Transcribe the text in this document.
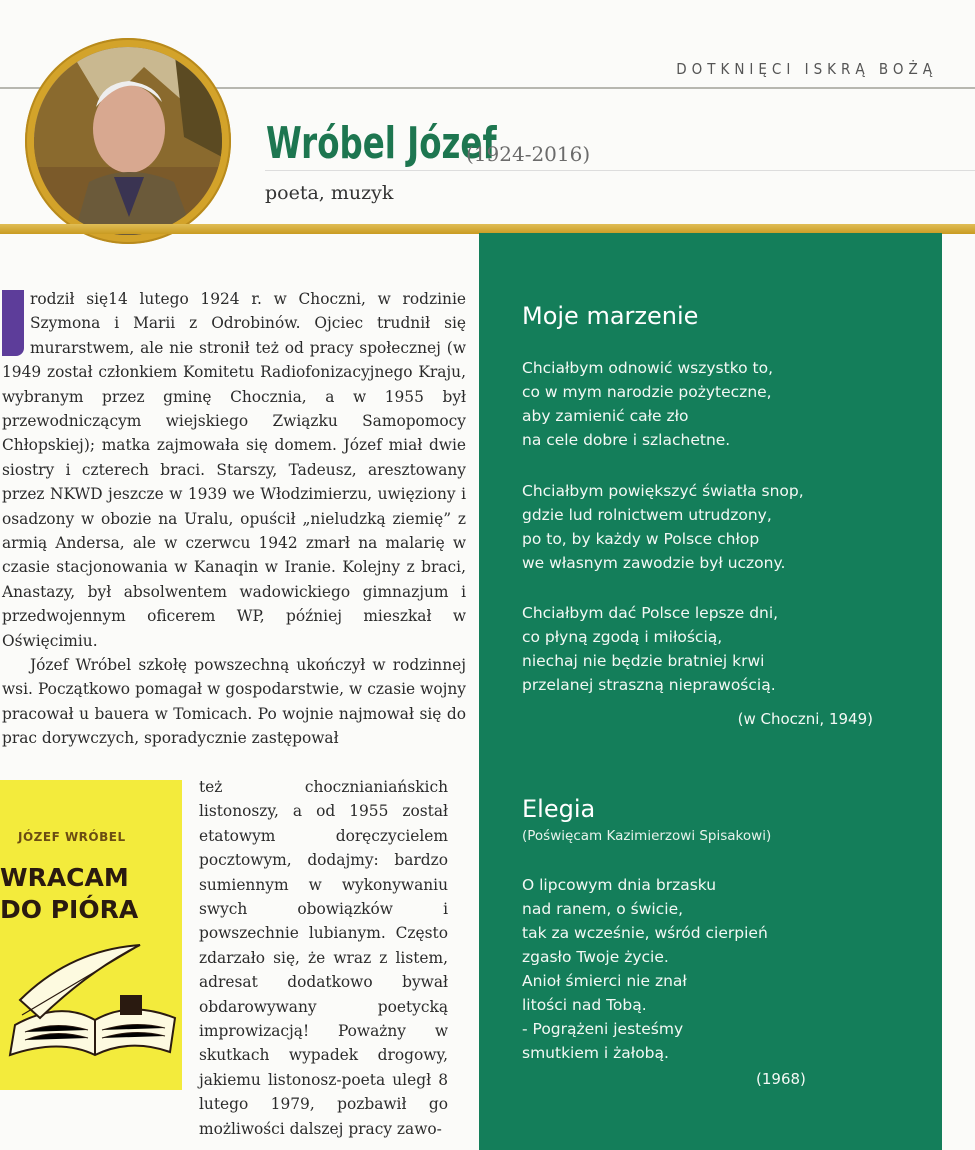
DOTKNIĘCI ISKRĄ BOŻĄ
Wróbel Józef
(1924-2016)
poeta, muzyk
rodził się14 lutego 1924 r. w Choczni, w rodzinie Szymona i Marii z Odrobinów. Ojciec trudnił się murarstwem, ale nie stronił też od pracy społecznej (w 1949 został członkiem Komitetu Radiofonizacyjnego Kraju, wybranym przez gminę Chocznia, a w 1955 był przewodniczącym wiejskiego Związku Samopomocy Chłopskiej); matka zajmowała się domem. Józef miał dwie siostry i czterech braci. Starszy, Tadeusz, aresztowany przez NKWD jeszcze w 1939 we Włodzimierzu, uwięziony i osadzony w obozie na Uralu, opuścił „nieludzką ziemię” z armią Andersa, ale w czerwcu 1942 zmarł na malarię w czasie stacjonowania w Kanaqin w Iranie. Kolejny z braci, Anastazy, był absolwentem wadowickiego gimnazjum i przedwojennym oficerem WP, później mieszkał w Oświęcimiu.
Józef Wróbel szkołę powszechną ukończył w rodzinnej wsi. Początkowo pomagał w gospodarstwie, w czasie wojny pracował u bauera w Tomicach. Po wojnie najmował się do prac dorywczych, sporadycznie zastępował
JÓZEF WRÓBEL
WRACAM
DO PIÓRA
też chocznianiańskich listonoszy, a od 1955 został etatowym doręczycielem pocztowym, dodajmy: bardzo sumiennym w wykonywaniu swych obowiązków i powszechnie lubianym. Często zdarzało się, że wraz z listem, adresat dodatkowo bywał obdarowywany poetycką improwizacją! Poważny w skutkach wypadek drogowy, jakiemu listonosz-poeta uległ 8 lutego 1979, pozbawił go możliwości dalszej pracy zawo-
Moje marzenie
Chciałbym odnowić wszystko to,
co w mym narodzie pożyteczne,
aby zamienić całe zło
na cele dobre i szlachetne.
Chciałbym powiększyć światła snop,
gdzie lud rolnictwem utrudzony,
po to, by każdy w Polsce chłop
we własnym zawodzie był uczony.
Chciałbym dać Polsce lepsze dni,
co płyną zgodą i miłością,
niechaj nie będzie bratniej krwi
przelanej straszną nieprawością.
(w Choczni, 1949)
Elegia
(Poświęcam Kazimierzowi Spisakowi)
O lipcowym dnia brzasku
nad ranem, o świcie,
tak za wcześnie, wśród cierpień
zgasło Twoje życie.
Anioł śmierci nie znał
litości nad Tobą.
- Pogrążeni jesteśmy
smutkiem i żałobą.
(1968)
